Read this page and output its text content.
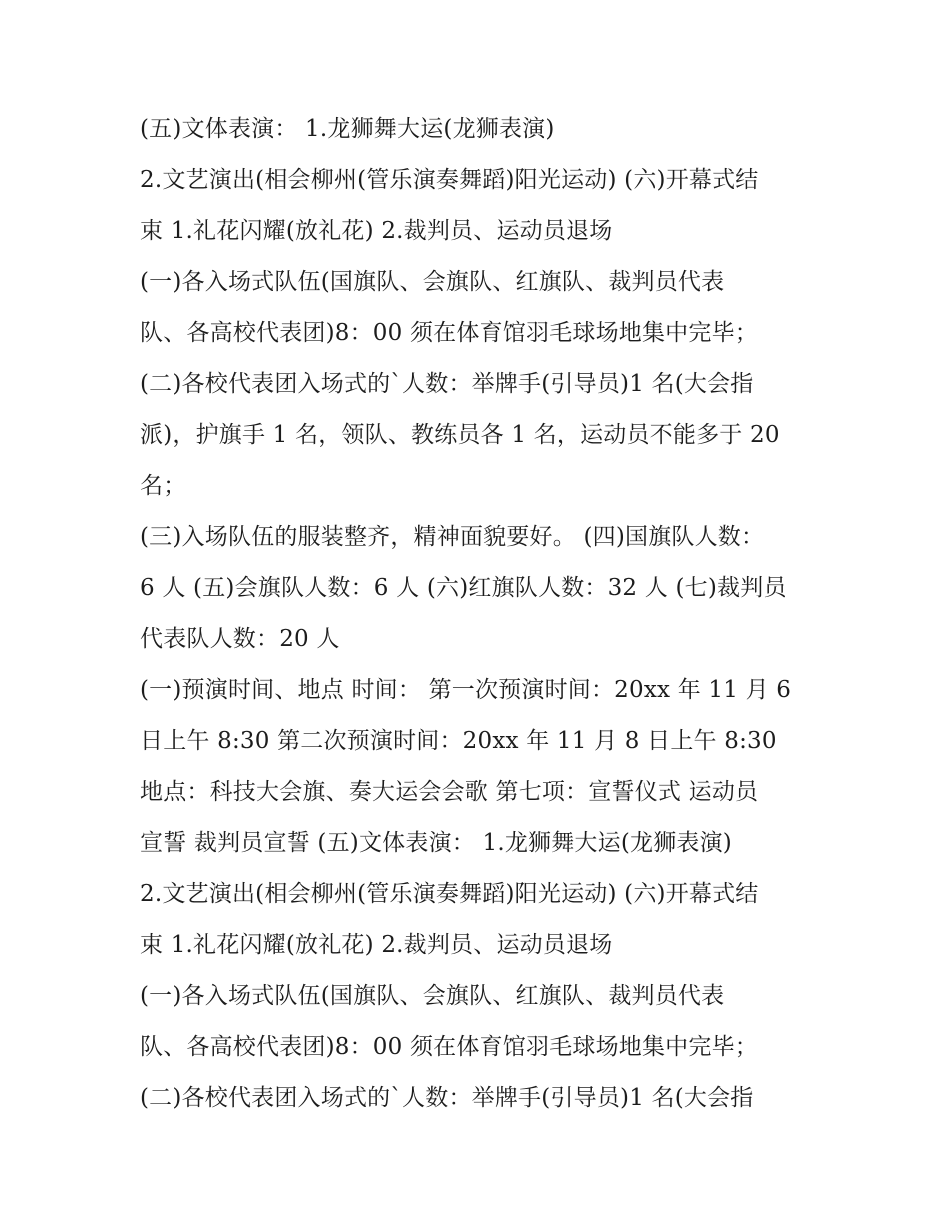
(五)文体表演： 1.龙狮舞大运(龙狮表演)
2.文艺演出(相会柳州(管乐演奏舞蹈)阳光运动) (六)开幕式结
束 1.礼花闪耀(放礼花) 2.裁判员、运动员退场
(一)各入场式队伍(国旗队、会旗队、红旗队、裁判员代表
队、各高校代表团)8：00 须在体育馆羽毛球场地集中完毕；
(二)各校代表团入场式的`人数：举牌手(引导员)1 名(大会指
派)，护旗手 1 名，领队、教练员各 1 名，运动员不能多于 20
名；
(三)入场队伍的服装整齐，精神面貌要好。 (四)国旗队人数：
6 人 (五)会旗队人数：6 人 (六)红旗队人数：32 人 (七)裁判员
代表队人数：20 人
(一)预演时间、地点 时间： 第一次预演时间：20xx 年 11 月 6
日上午 8:30 第二次预演时间：20xx 年 11 月 8 日上午 8:30
地点：科技大会旗、奏大运会会歌 第七项：宣誓仪式 运动员
宣誓 裁判员宣誓 (五)文体表演： 1.龙狮舞大运(龙狮表演)
2.文艺演出(相会柳州(管乐演奏舞蹈)阳光运动) (六)开幕式结
束 1.礼花闪耀(放礼花) 2.裁判员、运动员退场
(一)各入场式队伍(国旗队、会旗队、红旗队、裁判员代表
队、各高校代表团)8：00 须在体育馆羽毛球场地集中完毕；
(二)各校代表团入场式的`人数：举牌手(引导员)1 名(大会指
